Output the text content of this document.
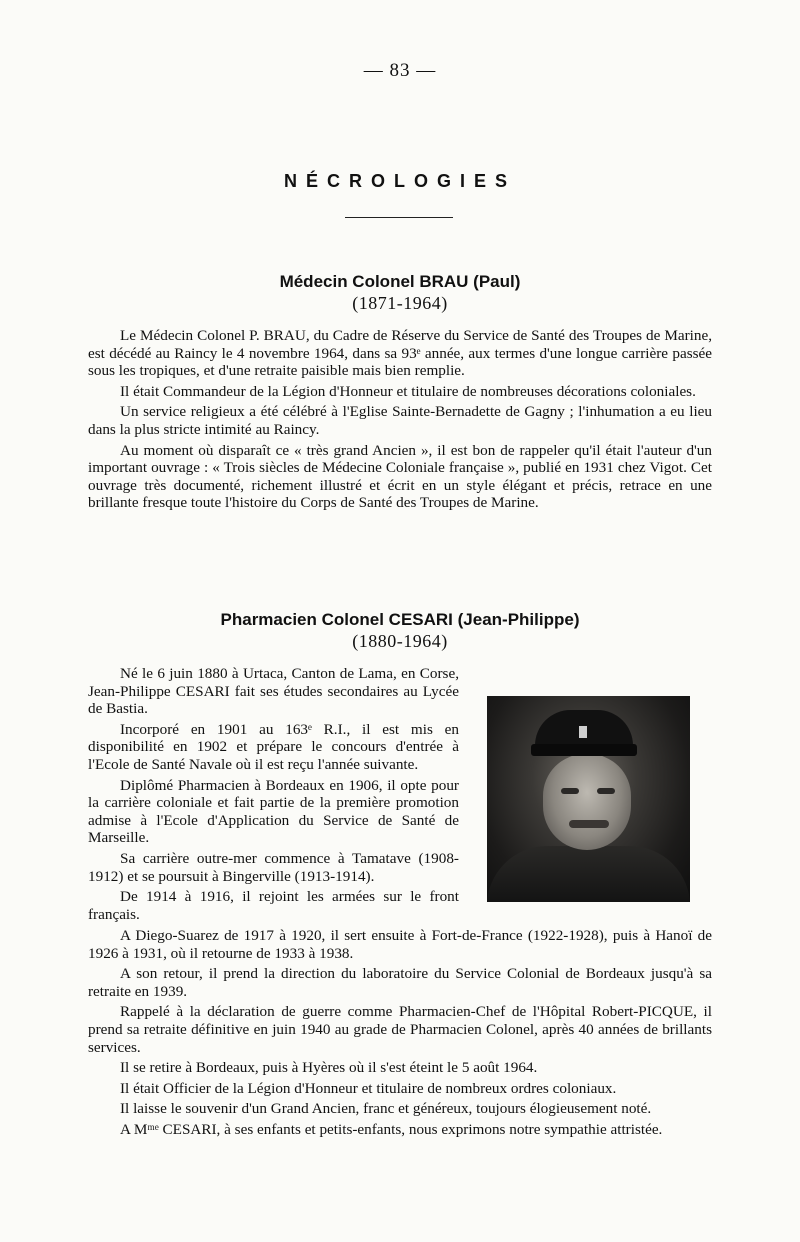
— 83 —
NÉCROLOGIES
Médecin Colonel BRAU (Paul)
(1871-1964)

Le Médecin Colonel P. BRAU, du Cadre de Réserve du Service de Santé des Troupes de Marine, est décédé au Raincy le 4 novembre 1964, dans sa 93ᵉ année, aux termes d'une longue carrière passée sous les tropiques, et d'une retraite paisible mais bien remplie.

Il était Commandeur de la Légion d'Honneur et titulaire de nombreuses décorations coloniales.

Un service religieux a été célébré à l'Eglise Sainte-Bernadette de Gagny ; l'inhumation a eu lieu dans la plus stricte intimité au Raincy.

Au moment où disparaît ce « très grand Ancien », il est bon de rappeler qu'il était l'auteur d'un important ouvrage : « Trois siècles de Médecine Coloniale française », publié en 1931 chez Vigot. Cet ouvrage très documenté, richement illustré et écrit en un style élégant et précis, retrace en une brillante fresque toute l'histoire du Corps de Santé des Troupes de Marine.

Pharmacien Colonel CESARI (Jean-Philippe)
(1880-1964)

Né le 6 juin 1880 à Urtaca, Canton de Lama, en Corse, Jean-Philippe CESARI fait ses études secondaires au Lycée de Bastia.

Incorporé en 1901 au 163ᵉ R.I., il est mis en disponibilité en 1902 et prépare le concours d'entrée à l'Ecole de Santé Navale où il est reçu l'année suivante.

Diplômé Pharmacien à Bordeaux en 1906, il opte pour la carrière coloniale et fait partie de la première promotion admise à l'Ecole d'Application du Service de Santé de Marseille.

Sa carrière outre-mer commence à Tamatave (1908-1912) et se poursuit à Bingerville (1913-1914).

De 1914 à 1916, il rejoint les armées sur le front français.

A Diego-Suarez de 1917 à 1920, il sert ensuite à Fort-de-France (1922-1928), puis à Hanoï de 1926 à 1931, où il retourne de 1933 à 1938.

A son retour, il prend la direction du laboratoire du Service Colonial de Bordeaux jusqu'à sa retraite en 1939.

Rappelé à la déclaration de guerre comme Pharmacien-Chef de l'Hôpital Robert-PICQUE, il prend sa retraite définitive en juin 1940 au grade de Pharmacien Colonel, après 40 années de brillants services.

Il se retire à Bordeaux, puis à Hyères où il s'est éteint le 5 août 1964.

Il était Officier de la Légion d'Honneur et titulaire de nombreux ordres coloniaux.

Il laisse le souvenir d'un Grand Ancien, franc et généreux, toujours élogieusement noté.

A Mᵐᵉ CESARI, à ses enfants et petits-enfants, nous exprimons notre sympathie attristée.
